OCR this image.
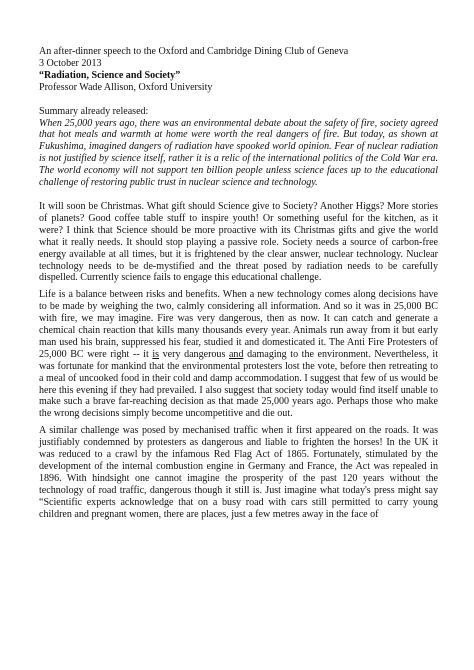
An after-dinner speech to the Oxford and Cambridge Dining Club of Geneva

3 October 2013

“Radiation, Science and Society”

Professor Wade Allison, Oxford University

Summary already released:

When 25,000 years ago, there was an environmental debate about the safety of fire, society agreed that hot meals and warmth at home were worth the real dangers of fire. But today, as shown at Fukushima, imagined dangers of radiation have spooked world opinion. Fear of nuclear radiation is not justified by science itself, rather it is a relic of the international politics of the Cold War era. The world economy will not support ten billion people unless science faces up to the educational challenge of restoring public trust in nuclear science and technology.

It will soon be Christmas. What gift should Science give to Society? Another Higgs? More stories of planets? Good coffee table stuff to inspire youth! Or something useful for the kitchen, as it were? I think that Science should be more proactive with its Christmas gifts and give the world what it really needs. It should stop playing a passive role. Society needs a source of carbon-free energy available at all times, but it is frightened by the clear answer, nuclear technology. Nuclear technology needs to be de-mystified and the threat posed by radiation needs to be carefully dispelled. Currently science fails to engage this educational challenge.

Life is a balance between risks and benefits. When a new technology comes along decisions have to be made by weighing the two, calmly considering all information. And so it was in 25,000 BC with fire, we may imagine. Fire was very dangerous, then as now. It can catch and generate a chemical chain reaction that kills many thousands every year. Animals run away from it but early man used his brain, suppressed his fear, studied it and domesticated it. The Anti Fire Protesters of 25,000 BC were right -- it is very dangerous and damaging to the environment. Nevertheless, it was fortunate for mankind that the environmental protesters lost the vote, before then retreating to a meal of uncooked food in their cold and damp accommodation. I suggest that few of us would be here this evening if they had prevailed. I also suggest that society today would find itself unable to make such a brave far-reaching decision as that made 25,000 years ago. Perhaps those who make the wrong decisions simply become uncompetitive and die out.

A similar challenge was posed by mechanised traffic when it first appeared on the roads. It was justifiably condemned by protesters as dangerous and liable to frighten the horses! In the UK it was reduced to a crawl by the infamous Red Flag Act of 1865. Fortunately, stimulated by the development of the internal combustion engine in Germany and France, the Act was repealed in 1896. With hindsight one cannot imagine the prosperity of the past 120 years without the technology of road traffic, dangerous though it still is. Just imagine what today's press might say “Scientific experts acknowledge that on a busy road with cars still permitted to carry young children and pregnant women, there are places, just a few metres away in the face of
